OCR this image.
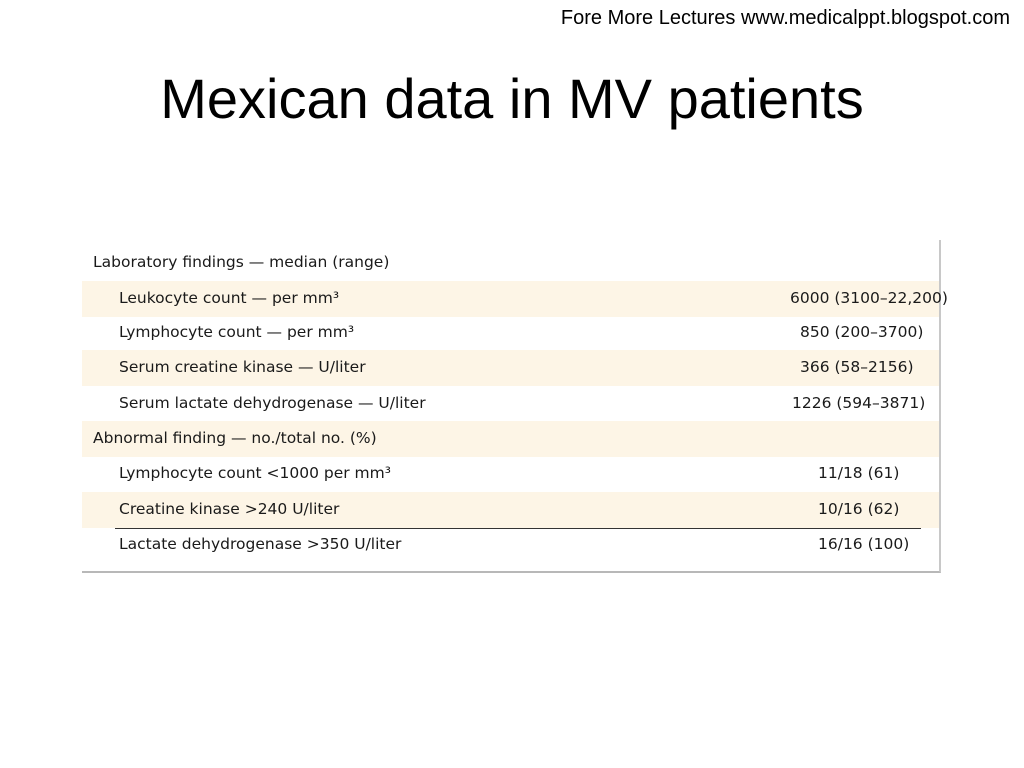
Fore More Lectures www.medicalppt.blogspot.com
Mexican data in MV patients
Laboratory findings — median (range)
Leukocyte count — per mm³	6000 (3100–22,200)
Lymphocyte count — per mm³	850 (200–3700)
Serum creatine kinase — U/liter	366 (58–2156)
Serum lactate dehydrogenase — U/liter	1226 (594–3871)
Abnormal finding — no./total no. (%)
Lymphocyte count <1000 per mm³	11/18 (61)
Creatine kinase >240 U/liter	10/16 (62)
Lactate dehydrogenase >350 U/liter	16/16 (100)
